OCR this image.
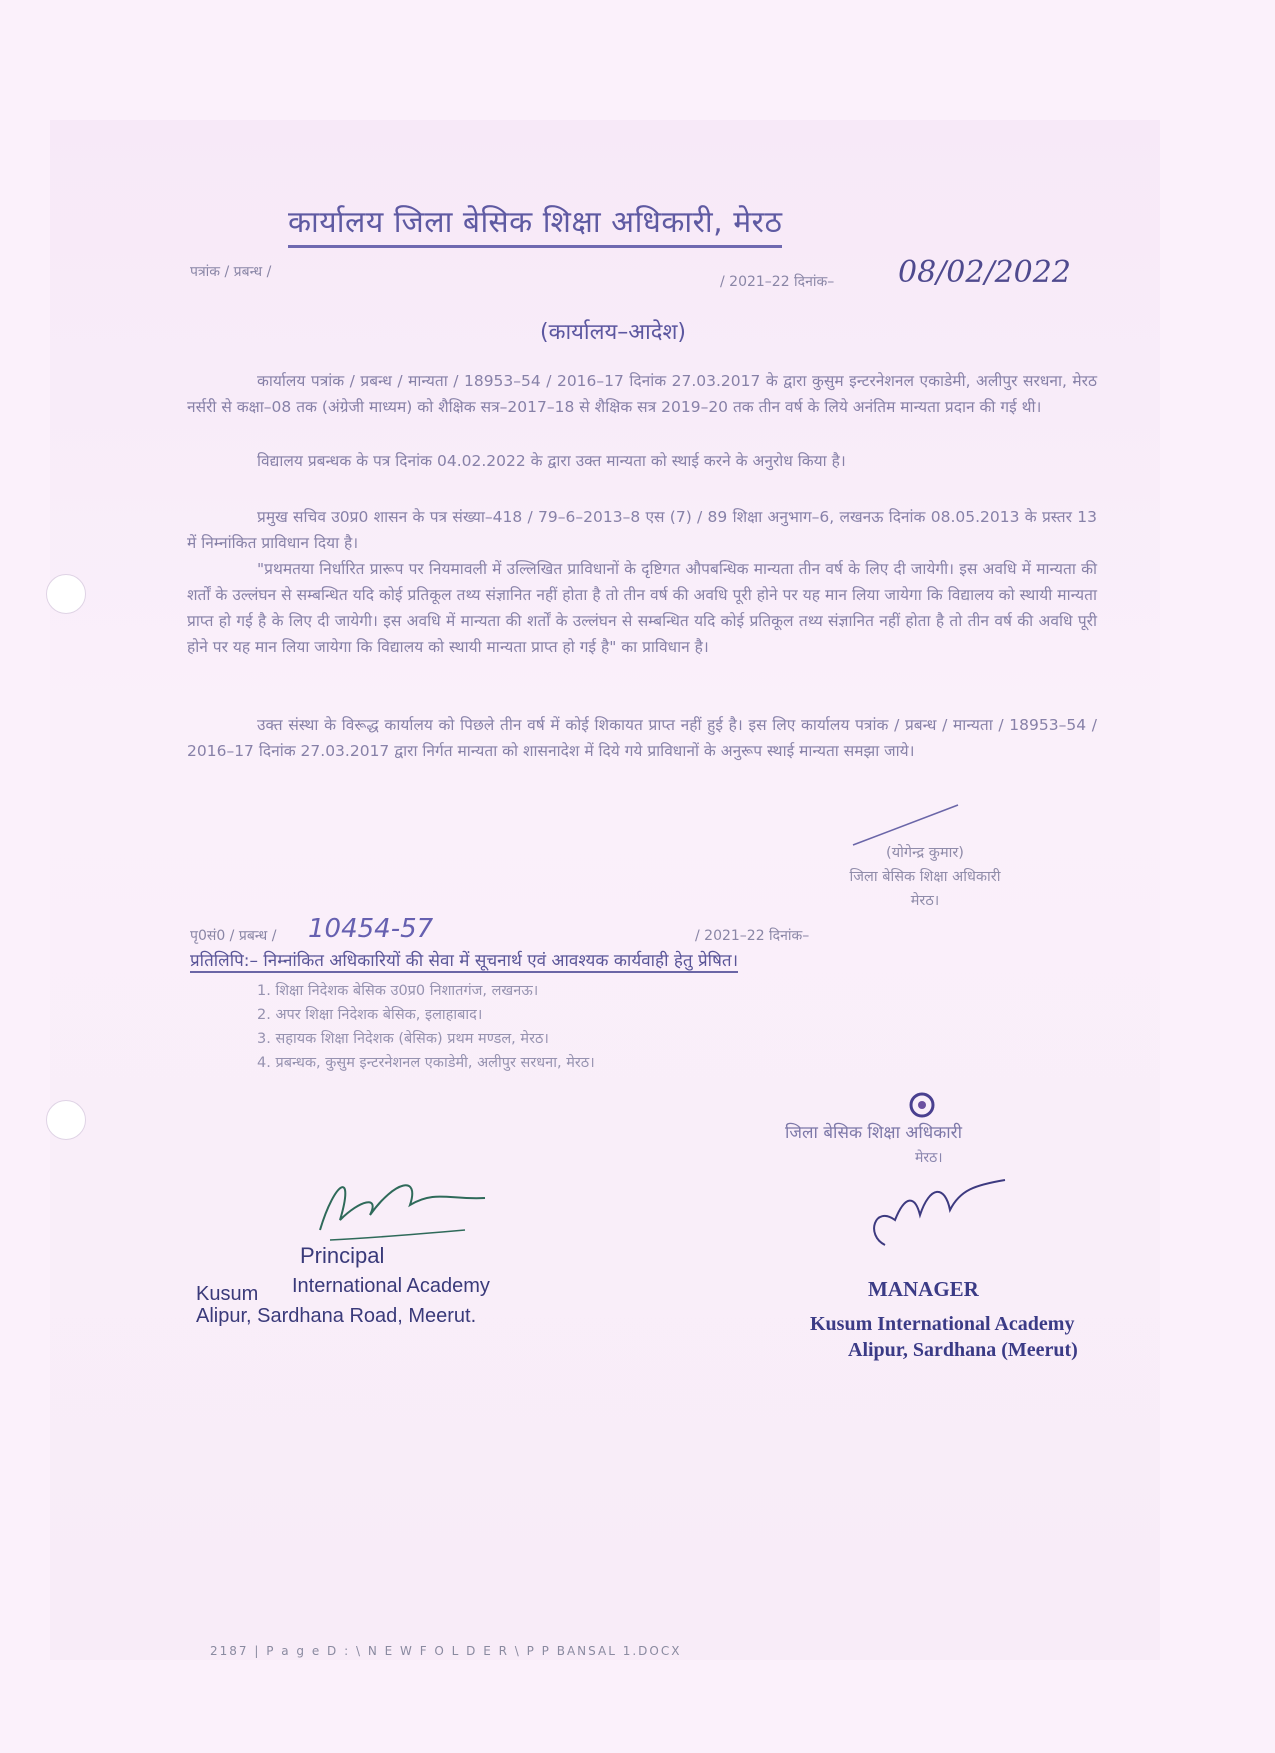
कार्यालय जिला बेसिक शिक्षा अधिकारी, मेरठ
पत्रांक / प्रबन्ध /
/ 2021–22 दिनांक– 08/02/2022
(कार्यालय–आदेश)
कार्यालय पत्रांक / प्रबन्ध / मान्यता / 18953–54 / 2016–17 दिनांक 27.03.2017 के द्वारा कुसुम इन्टरनेशनल एकाडेमी, अलीपुर सरधना, मेरठ नर्सरी से कक्षा–08 तक (अंग्रेजी माध्यम) को शैक्षिक सत्र–2017–18 से शैक्षिक सत्र 2019–20 तक तीन वर्ष के लिये अनंतिम मान्यता प्रदान की गई थी।
विद्यालय प्रबन्धक के पत्र दिनांक 04.02.2022 के द्वारा उक्त मान्यता को स्थाई करने के अनुरोध किया है।
प्रमुख सचिव उ0प्र0 शासन के पत्र संख्या–418 / 79–6–2013–8 एस (7) / 89 शिक्षा अनुभाग–6, लखनऊ दिनांक 08.05.2013 के प्रस्तर 13 में निम्नांकित प्राविधान दिया है।
"प्रथमतया निर्धारित प्रारूप पर नियमावली में उल्लिखित प्राविधानों के दृष्टिगत औपबन्धिक मान्यता तीन वर्ष के लिए दी जायेगी। इस अवधि में मान्यता की शर्तों के उल्लंघन से सम्बन्धित यदि कोई प्रतिकूल तथ्य संज्ञानित नहीं होता है तो तीन वर्ष की अवधि पूरी होने पर यह मान लिया जायेगा कि विद्यालय को स्थायी मान्यता प्राप्त हो गई है के लिए दी जायेगी। इस अवधि में मान्यता की शर्तों के उल्लंघन से सम्बन्धित यदि कोई प्रतिकूल तथ्य संज्ञानित नहीं होता है तो तीन वर्ष की अवधि पूरी होने पर यह मान लिया जायेगा कि विद्यालय को स्थायी मान्यता प्राप्त हो गई है" का प्राविधान है।
उक्त संस्था के विरूद्ध कार्यालय को पिछले तीन वर्ष में कोई शिकायत प्राप्त नहीं हुई है। इस लिए कार्यालय पत्रांक / प्रबन्ध / मान्यता / 18953–54 / 2016–17 दिनांक 27.03.2017 द्वारा निर्गत मान्यता को शासनादेश में दिये गये प्राविधानों के अनुरूप स्थाई मान्यता समझा जाये।
(योगेन्द्र कुमार)
जिला बेसिक शिक्षा अधिकारी
मेरठ।
पृ0सं0 / प्रबन्ध / 10454-57	/ 2021–22 दिनांक–
प्रतिलिपि:– निम्नांकित अधिकारियों की सेवा में सूचनार्थ एवं आवश्यक कार्यवाही हेतु प्रेषित।
1. शिक्षा निदेशक बेसिक उ0प्र0 निशातगंज, लखनऊ।
2. अपर शिक्षा निदेशक बेसिक, इलाहाबाद।
3. सहायक शिक्षा निदेशक (बेसिक) प्रथम मण्डल, मेरठ।
4. प्रबन्धक, कुसुम इन्टरनेशनल एकाडेमी, अलीपुर सरधना, मेरठ।
जिला बेसिक शिक्षा अधिकारी
मेरठ।
Principal
Kusum International Academy
Alipur, Sardhana Road, Meerut.
MANAGER
Kusum International Academy
Alipur, Sardhana (Meerut)
2187 | P a g e D : \ N E W F O L D E R \ P P BANSAL 1.DOCX
